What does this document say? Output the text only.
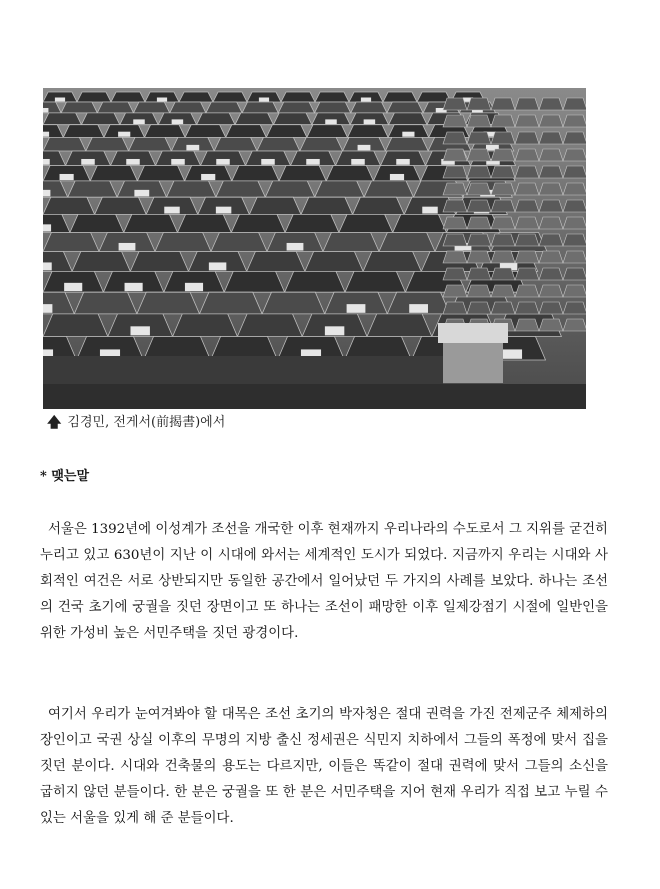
🡅 김경민, 전게서(前揭書)에서
* 맺는말

서울은 1392년에 이성계가 조선을 개국한 이후 현재까지 우리나라의 수도로서 그 지위를 굳건히 누리고 있고 630년이 지난 이 시대에 와서는 세계적인 도시가 되었다. 지금까지 우리는 시대와 사회적인 여건은 서로 상반되지만 동일한 공간에서 일어났던 두 가지의 사례를 보았다. 하나는 조선의 건국 초기에 궁궐을 짓던 장면이고 또 하나는 조선이 패망한 이후 일제강점기 시절에 일반인을 위한 가성비 높은 서민주택을 짓던 광경이다.

여기서 우리가 눈여겨봐야 할 대목은 조선 초기의 박자청은 절대 권력을 가진 전제군주 체제하의 장인이고 국권 상실 이후의 무명의 지방 출신 정세권은 식민지 치하에서 그들의 폭정에 맞서 집을 짓던 분이다. 시대와 건축물의 용도는 다르지만, 이들은 똑같이 절대 권력에 맞서 그들의 소신을 굽히지 않던 분들이다. 한 분은 궁궐을 또 한 분은 서민주택을 지어 현재 우리가 직접 보고 누릴 수 있는 서울을 있게 해 준 분들이다.
